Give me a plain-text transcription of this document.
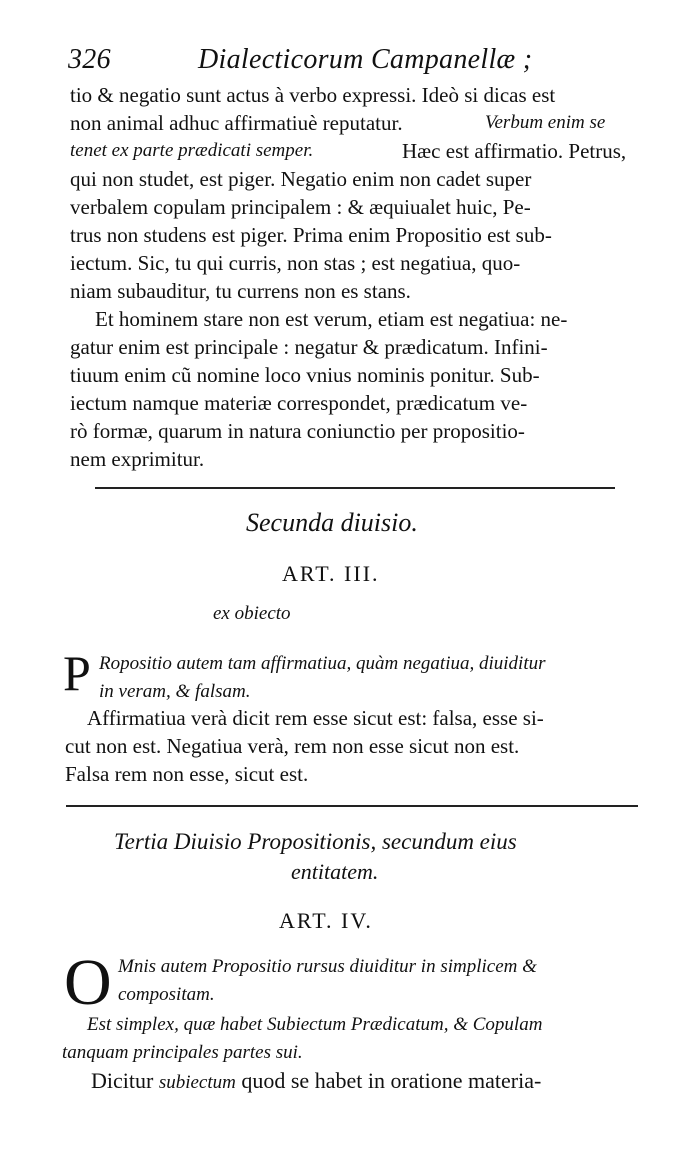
326	Dialecticorum Campanellæ ;
tio & negatio sunt actus à verbo expressi. Ideò si dicas est
non animal adhuc affirmatiuè reputatur.	Verbum enim se
tenet ex parte prædicati semper.	Hæc est affirmatio. Petrus,
qui non studet, est piger. Negatio enim non cadet super
verbalem copulam principalem : & æquiualet huic, Pe-
trus non studens est piger. Prima enim Propositio est sub-
iectum. Sic, tu qui curris, non stas ; est negatiua, quo-
niam subauditur, tu currens non es stans.
Et hominem stare non est verum, etiam est negatiua: ne-
gatur enim est principale : negatur & prædicatum. Infini-
tiuum enim cũ nomine loco vnius nominis ponitur. Sub-
iectum namque materiæ correspondet, prædicatum ve-
rò formæ, quarum in natura coniunctio per propositio-
nem exprimitur.
Secunda diuisio.
ART. III.
ex obiecto
P Ropositio autem tam affirmatiua, quàm negatiua, diuiditur
in veram, & falsam.
Affirmatiua verà dicit rem esse sicut est: falsa, esse si-
cut non est. Negatiua verà, rem non esse sicut non est.
Falsa rem non esse, sicut est.
Tertia Diuisio Propositionis, secundum eius
entitatem.
ART. IV.
O Mnis autem Propositio rursus diuiditur in simplicem &
compositam.
Est simplex, quæ habet Subiectum Prædicatum, & Copulam
tanquam principales partes sui.
Dicitur subiectum quod se habet in oratione materia-
